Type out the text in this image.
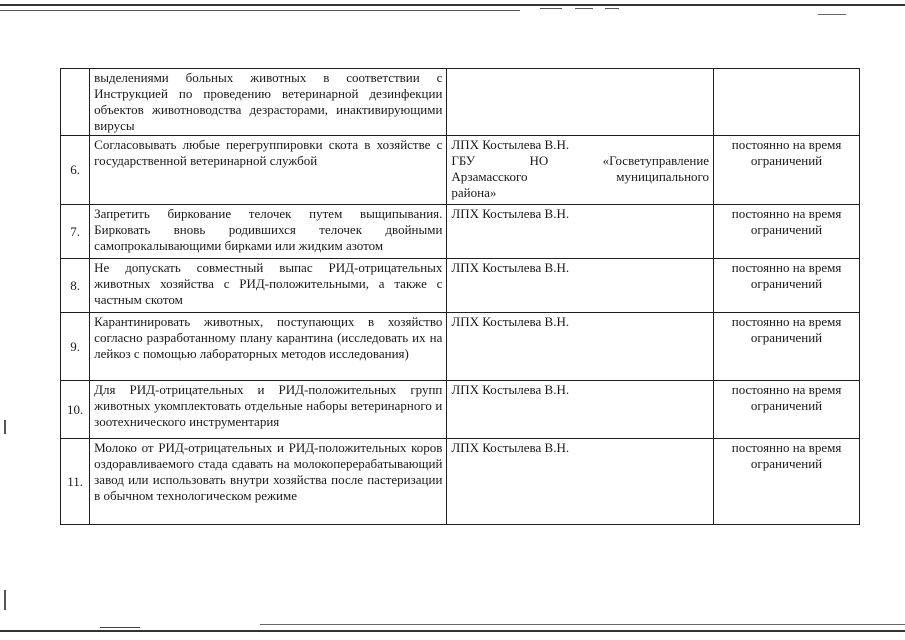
	выделениями больных животных в соответствии с Инструкцией по проведению ветеринарной дезинфекции объектов животноводства дезрасторами, инактивирующими вирусы		

6.	Согласовывать любые перегруппировки скота в хозяйстве с государственной ветеринарной службой	ЛПХ Костылева В.Н.
ГБУ НО «Госветуправление
Арзамасского муниципального
района»	постоянно на время ограничений
7.	Запретить биркование телочек путем выщипывания. Бирковать вновь родившихся телочек двойными самопрокалывающими бирками или жидким азотом	ЛПХ Костылева В.Н.	постоянно на время ограничений
8.	Не допускать совместный выпас РИД-отрицательных животных хозяйства с РИД-положительными, а также с частным скотом	ЛПХ Костылева В.Н.	постоянно на время ограничений
9.	Карантинировать животных, поступающих в хозяйство согласно разработанному плану карантина (исследовать их на лейкоз с помощью лабораторных методов исследования)	ЛПХ Костылева В.Н.	постоянно на время ограничений
10.	Для РИД-отрицательных и РИД-положительных групп животных укомплектовать отдельные наборы ветеринарного и зоотехнического инструментария	ЛПХ Костылева В.Н.	постоянно на время ограничений
11.	Молоко от РИД-отрицательных и РИД-положительных коров оздоравливаемого стада сдавать на молокоперерабатывающий завод или использовать внутри хозяйства после пастеризации в обычном технологическом режиме	ЛПХ Костылева В.Н.	постоянно на время ограничений
